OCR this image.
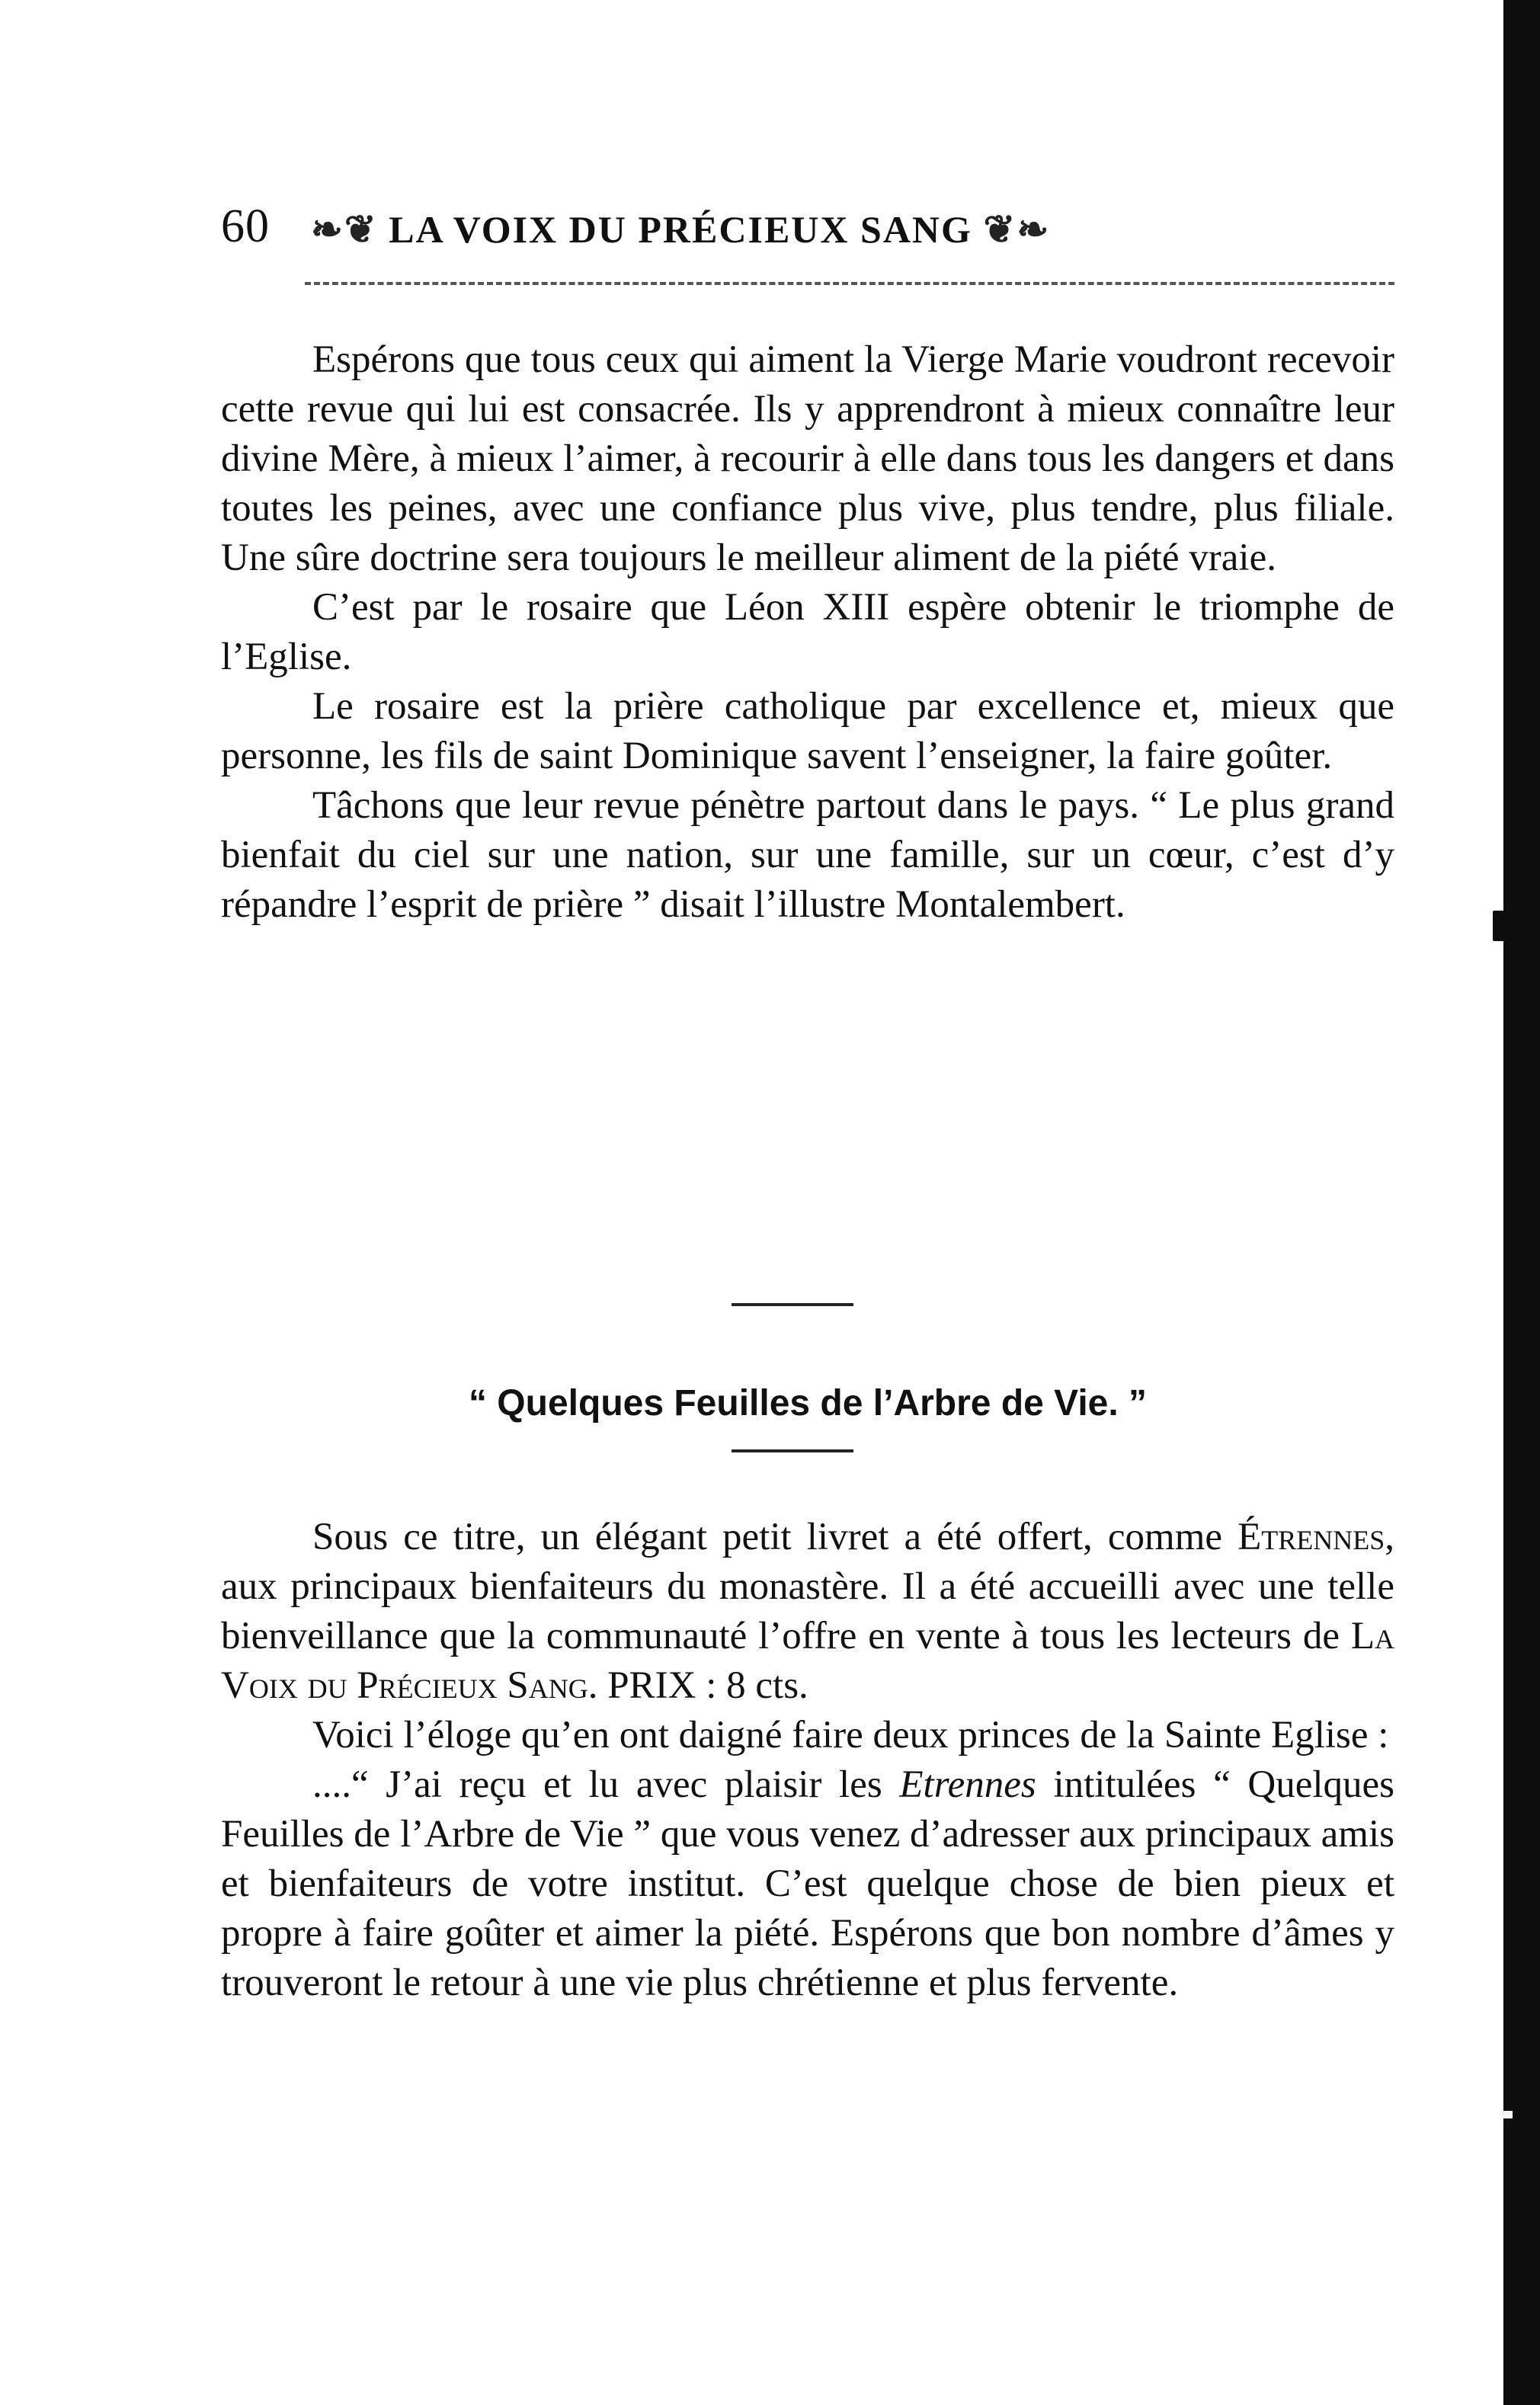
60 ❧❦ LA VOIX DU PRÉCIEUX SANG ❦❧

Espérons que tous ceux qui aiment la Vierge Marie voudront recevoir cette revue qui lui est consacrée. Ils y apprendront à mieux connaître leur divine Mère, à mieux l’aimer, à recourir à elle dans tous les dangers et dans toutes les peines, avec une confiance plus vive, plus tendre, plus filiale. Une sûre doctrine sera toujours le meilleur aliment de la piété vraie.

C’est par le rosaire que Léon XIII espère obtenir le triomphe de l’Eglise.

Le rosaire est la prière catholique par excellence et, mieux que personne, les fils de saint Dominique savent l’enseigner, la faire goûter.

Tâchons que leur revue pénètre partout dans le pays. “ Le plus grand bienfait du ciel sur une nation, sur une famille, sur un cœur, c’est d’y répandre l’esprit de prière ” disait l’illustre Montalembert.

“ Quelques Feuilles de l’Arbre de Vie. ”

Sous ce titre, un élégant petit livret a été offert, comme Étrennes, aux principaux bienfaiteurs du monastère. Il a été accueilli avec une telle bienveillance que la communauté l’offre en vente à tous les lecteurs de La Voix du Précieux Sang. PRIX : 8 cts.

Voici l’éloge qu’en ont daigné faire deux princes de la Sainte Eglise :

....“ J’ai reçu et lu avec plaisir les Etrennes intitulées “ Quelques Feuilles de l’Arbre de Vie ” que vous venez d’adresser aux principaux amis et bienfaiteurs de votre institut. C’est quelque chose de bien pieux et propre à faire goûter et aimer la piété. Espérons que bon nombre d’âmes y trouveront le retour à une vie plus chrétienne et plus fervente.
